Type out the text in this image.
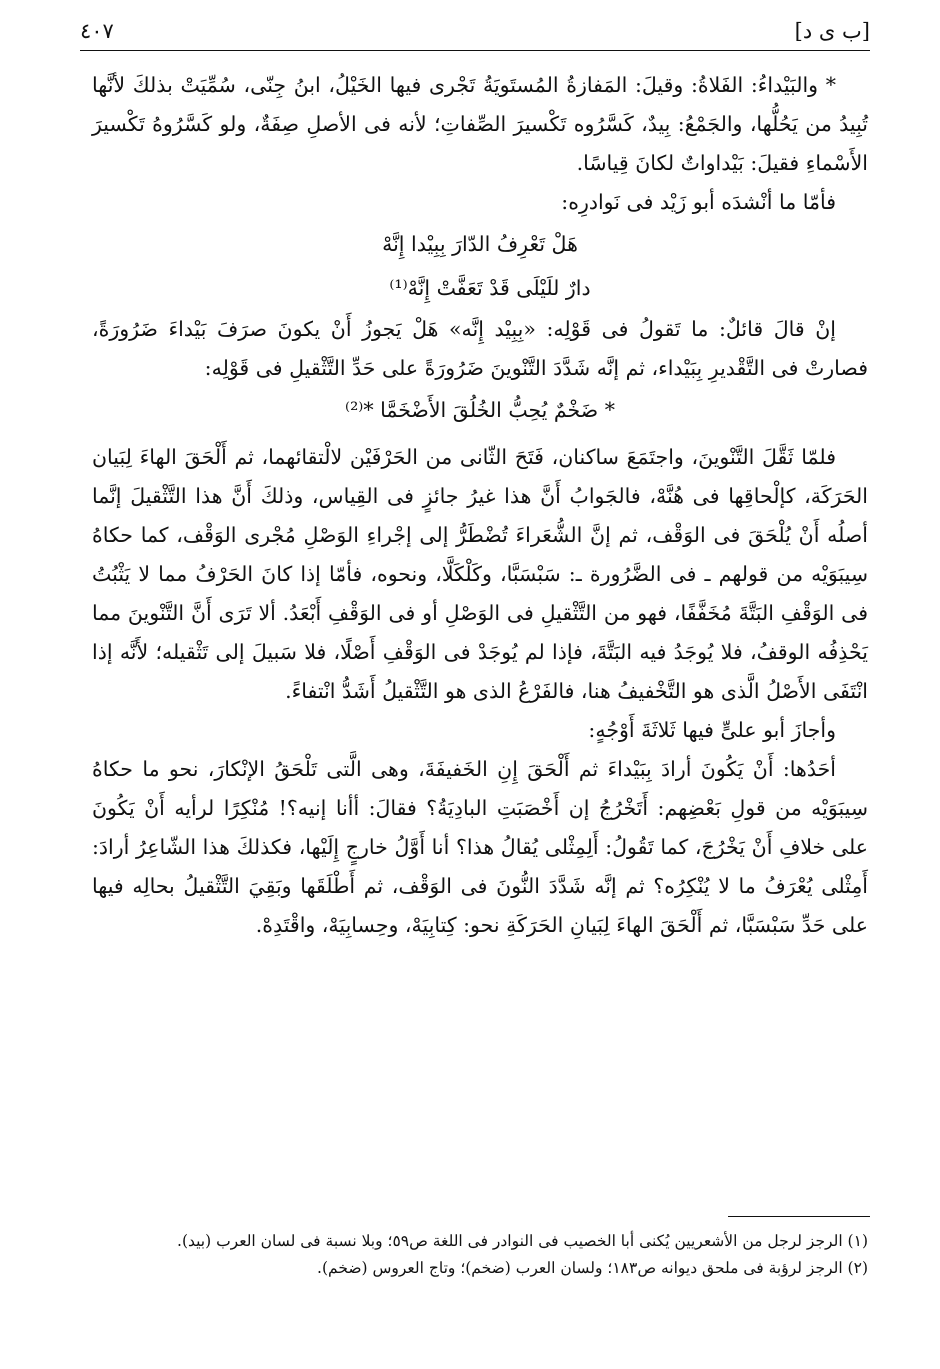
[ب ى د]
٤٠٧

* والبَيْداءُ: الفَلاةُ: وقيلَ: المَفازةُ المُستَويَةُ تَجْرى فيها الخَيْلُ، ابنُ جِنّى، سُمِّيَتْ بذلكَ لأنَّها تُبِيدُ من يَحُلُّها، والجَمْعُ: بِيدٌ، كَسَّرُوه تَكْسيرَ الصِّفاتِ؛ لأنه فى الأصلِ صِفَةٌ، ولو كَسَّرُوهُ تَكْسيرَ الأَسْماءِ فقيلَ: بَيْداواتٌ لكانَ قِياسًا.

فأمّا ما أنْشدَه أبو زَيْد فى نَوادرِه:

هَلْ تَعْرِفُ الدّارَ بِبِيْدا إِنَّهْ

دارٌ للَيْلَى قَدْ تَعَفَّتْ إِنَّهْ⁽¹⁾

إنْ قالَ قائلٌ: ما تَقولُ فى قَوْلِه: «بِبِيْد إِنَّه» هَلْ يَجوزُ أَنْ يكونَ صرَفَ بَيْداءَ ضَرُورَةً، فصارتْ فى التَّقْديرِ بِبَيْداء، ثم إنَّه شَدَّدَ التَّنْوينَ ضَرُورَةً على حَدِّ التَّثْقيلِ فى قَوْلِه:

* ضَخْمٌ يُحِبُّ الخُلُقَ الأَضْخَمَّا *⁽²⁾

فلمّا ثَقَّلَ التَّنْوينَ، واجتَمَعَ ساكنان، فَتَحَ الثّانى من الحَرْفَيْن لالْتقائهما، ثم أَلْحَقَ الهاءَ لِبَيان الحَرَكَة، كإلْحاقِها فى هُنَّهْ، فالجَوابُ أَنَّ هذا غيرُ جائزٍ فى القِياس، وذلكَ أَنَّ هذا التَّثْقيلَ إنَّما أصلُه أَنْ يُلْحَقَ فى الوَقْف، ثم إنَّ الشُّعَراءَ تُضْطَرُّ إلى إجْراءِ الوَصْلِ مُجْرى الوَقْف، كما حكاهُ سِيبَوَيْه من قولهم ـ فى الضَّرُورة ـ: سَبْسَبَّا، وكَلْكَلَّا، ونحوه، فأمّا إذا كانَ الحَرْفُ مما لا يَثْبُتُ فى الوَقْفِ البَتَّةَ مُخَفَّفًا، فهو من التَّثْقيلِ فى الوَصْلِ أو فى الوَقْفِ أَبْعَدُ. ألا تَرَى أَنَّ التَّنْوينَ مما يَحْذِفُه الوقفُ، فلا يُوجَدُ فيه البَتَّةَ، فإذا لم يُوجَدْ فى الوَقْفِ أَصْلًا، فلا سَبيلَ إلى تَثْقيله؛ لأَنَّه إذا انْتَفَى الأَصْلُ الَّذى هو التَّخْفيفُ هنا، فالفَرْعُ الذى هو التَّثْقيلُ أَشَدُّ انْتفاءً.

وأجازَ أبو علىٍّ فيها ثَلاثَةَ أَوْجُهٍ:

أحَدُها: أَنْ يَكُونَ أرادَ بِبَيْداءَ ثم أَلْحَقَ إِنِ الخَفيفَةَ، وهى الَّتى تَلْحَقُ الإنْكارَ، نحو ما حكاهُ سِيبَوَيْه من قولِ بَعْضِهم: أَتَخْرُجُ إن أَخْصَبَتِ البادِيَةُ؟ فقالَ: أأنا إنيه؟! مُنْكِرًا لرأيه أَنْ يَكُونَ على خلافِ أَنْ يَخْرُجَ، كما تَقُولُ: أَلِمِثْلى يُقالُ هذا؟ أنا أَوَّلُ خارجٍ إِلَيْها، فكذلكَ هذا الشّاعِرُ أرادَ: أَمِثْلى يُعْرَفُ ما لا يُنْكِرُه؟ ثم إنَّه شَدَّدَ النُّونَ فى الوَقْف، ثم أَطْلَقَها وبَقِيَ التَّثْقيلُ بحالِه فيها على حَدِّ سَبْسَبَّا، ثم أَلْحَقَ الهاءَ لِبَيانِ الحَرَكَةِ نحو: كِتابِيَهْ، وحِسابِيَهْ، واقْتَدِهْ.

(١) الرجز لرجل من الأشعريين يُكنى أبا الخصيب فى النوادر فى اللغة ص٥٩؛ وبلا نسبة فى لسان العرب (بيد).

(٢) الرجز لرؤبة فى ملحق ديوانه ص١٨٣؛ ولسان العرب (ضخم)؛ وتاج العروس (ضخم).
